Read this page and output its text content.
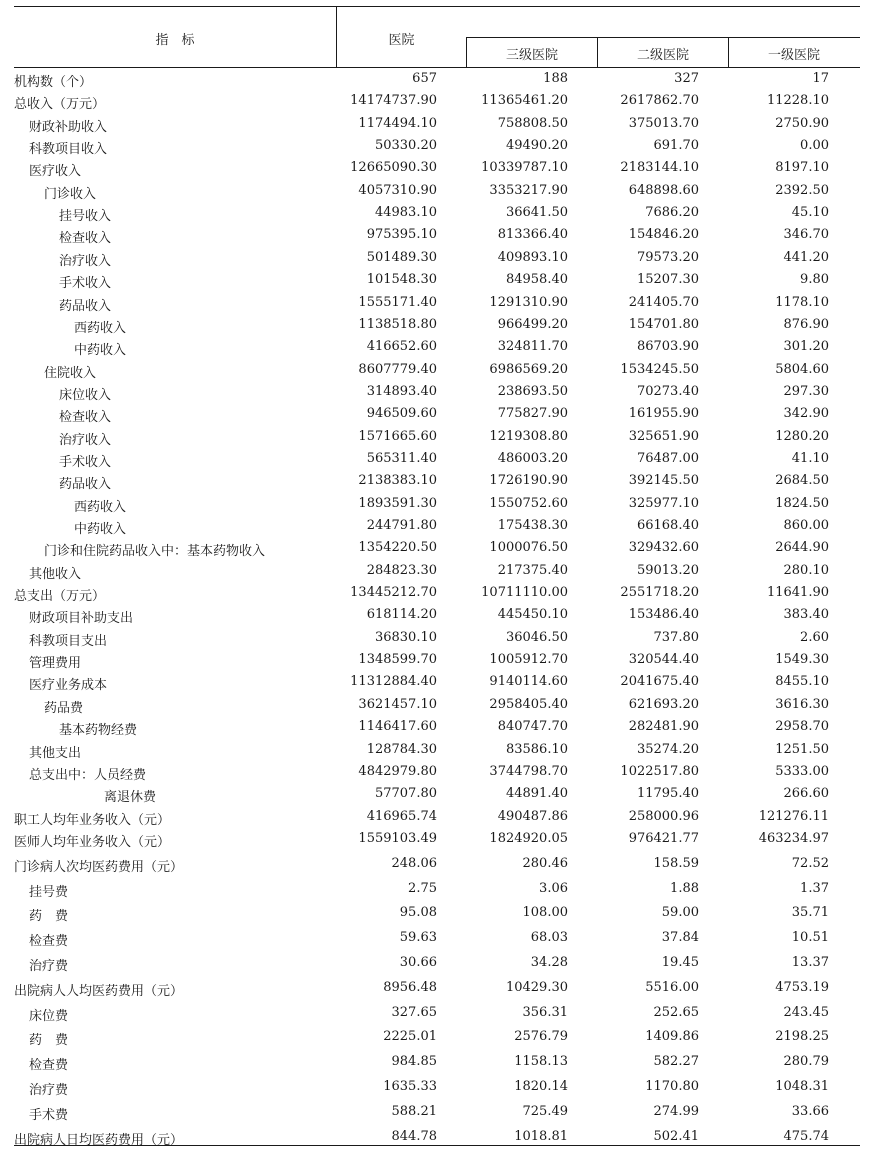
指　标	医院
三级医院	二级医院	一级医院
机构数（个）	657	188	327	17
总收入（万元）	14174737.90	11365461.20	2617862.70	11228.10
财政补助收入	1174494.10	758808.50	375013.70	2750.90
科教项目收入	50330.20	49490.20	691.70	0.00
医疗收入	12665090.30	10339787.10	2183144.10	8197.10
门诊收入	4057310.90	3353217.90	648898.60	2392.50
挂号收入	44983.10	36641.50	7686.20	45.10
检查收入	975395.10	813366.40	154846.20	346.70
治疗收入	501489.30	409893.10	79573.20	441.20
手术收入	101548.30	84958.40	15207.30	9.80
药品收入	1555171.40	1291310.90	241405.70	1178.10
西药收入	1138518.80	966499.20	154701.80	876.90
中药收入	416652.60	324811.70	86703.90	301.20
住院收入	8607779.40	6986569.20	1534245.50	5804.60
床位收入	314893.40	238693.50	70273.40	297.30
检查收入	946509.60	775827.90	161955.90	342.90
治疗收入	1571665.60	1219308.80	325651.90	1280.20
手术收入	565311.40	486003.20	76487.00	41.10
药品收入	2138383.10	1726190.90	392145.50	2684.50
西药收入	1893591.30	1550752.60	325977.10	1824.50
中药收入	244791.80	175438.30	66168.40	860.00
门诊和住院药品收入中：基本药物收入	1354220.50	1000076.50	329432.60	2644.90
其他收入	284823.30	217375.40	59013.20	280.10
总支出（万元）	13445212.70	10711110.00	2551718.20	11641.90
财政项目补助支出	618114.20	445450.10	153486.40	383.40
科教项目支出	36830.10	36046.50	737.80	2.60
管理费用	1348599.70	1005912.70	320544.40	1549.30
医疗业务成本	11312884.40	9140114.60	2041675.40	8455.10
药品费	3621457.10	2958405.40	621693.20	3616.30
基本药物经费	1146417.60	840747.70	282481.90	2958.70
其他支出	128784.30	83586.10	35274.20	1251.50
总支出中：人员经费	4842979.80	3744798.70	1022517.80	5333.00
离退休费	57707.80	44891.40	11795.40	266.60
职工人均年业务收入（元）	416965.74	490487.86	258000.96	121276.11
医师人均年业务收入（元）	1559103.49	1824920.05	976421.77	463234.97
门诊病人次均医药费用（元）	248.06	280.46	158.59	72.52
挂号费	2.75	3.06	1.88	1.37
药　费	95.08	108.00	59.00	35.71
检查费	59.63	68.03	37.84	10.51
治疗费	30.66	34.28	19.45	13.37
出院病人人均医药费用（元）	8956.48	10429.30	5516.00	4753.19
床位费	327.65	356.31	252.65	243.45
药　费	2225.01	2576.79	1409.86	2198.25
检查费	984.85	1158.13	582.27	280.79
治疗费	1635.33	1820.14	1170.80	1048.31
手术费	588.21	725.49	274.99	33.66
出院病人日均医药费用（元）	844.78	1018.81	502.41	475.74
